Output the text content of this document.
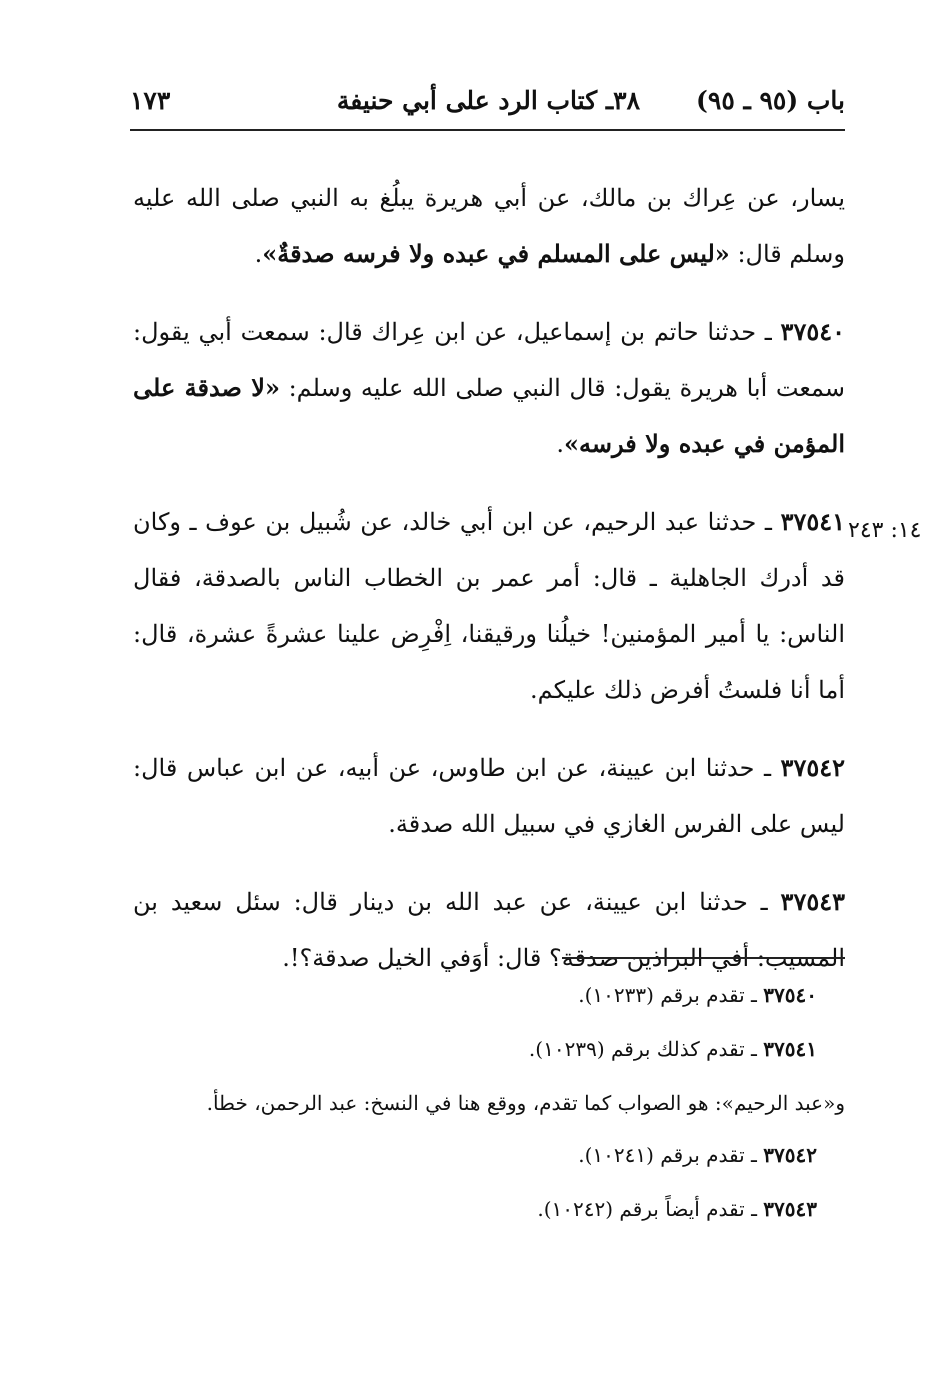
باب (٩٥ ـ ٩٥)
٣٨ـ كتاب الرد على أبي حنيفة
١٧٣

يسار، عن عِراك بن مالك، عن أبي هريرة يبلُغ به النبي صلى الله عليه وسلم قال: «ليس على المسلم في عبده ولا فرسه صدقةٌ».

٣٧٥٤٠ ـ حدثنا حاتم بن إسماعيل، عن ابن عِراك قال: سمعت أبي يقول: سمعت أبا هريرة يقول: قال النبي صلى الله عليه وسلم: «لا صدقة على المؤمن في عبده ولا فرسه».

٣٧٥٤١ ـ حدثنا عبد الرحيم، عن ابن أبي خالد، عن شُبيل بن عوف ـ وكان قد أدرك الجاهلية ـ قال: أمر عمر بن الخطاب الناس بالصدقة، فقال الناس: يا أمير المؤمنين! خيلُنا ورقيقنا، اِفْرِض علينا عشرةً عشرة، قال: أما أنا فلستُ أفرض ذلك عليكم.

٣٧٥٤٢ ـ حدثنا ابن عيينة، عن ابن طاوس، عن أبيه، عن ابن عباس قال: ليس على الفرس الغازي في سبيل الله صدقة.

٣٧٥٤٣ ـ حدثنا ابن عيينة، عن عبد الله بن دينار قال: سئل سعيد بن المسيب: أفي البراذين صدقة؟ قال: أوَفي الخيل صدقة؟!.

١٤: ٢٤٣

٣٧٥٤٠ ـ تقدم برقم (١٠٢٣٣).

٣٧٥٤١ ـ تقدم كذلك برقم (١٠٢٣٩).

و«عبد الرحيم»: هو الصواب كما تقدم، ووقع هنا في النسخ: عبد الرحمن، خطأ.

٣٧٥٤٢ ـ تقدم برقم (١٠٢٤١).

٣٧٥٤٣ ـ تقدم أيضاً برقم (١٠٢٤٢).
